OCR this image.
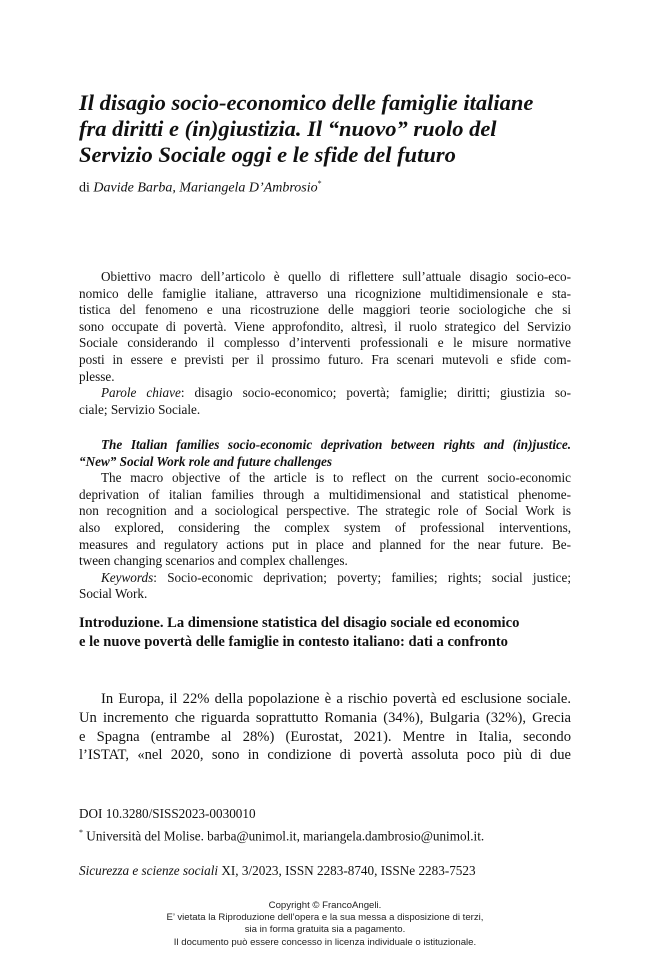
Il disagio socio-economico delle famiglie italiane
fra diritti e (in)giustizia. Il “nuovo” ruolo del
Servizio Sociale oggi e le sfide del futuro
di Davide Barba, Mariangela D’Ambrosio*
Obiettivo macro dell’articolo è quello di riflettere sull’attuale disagio socio-eco-
nomico delle famiglie italiane, attraverso una ricognizione multidimensionale e sta-
tistica del fenomeno e una ricostruzione delle maggiori teorie sociologiche che si
sono occupate di povertà. Viene approfondito, altresì, il ruolo strategico del Servizio
Sociale considerando il complesso d’interventi professionali e le misure normative
posti in essere e previsti per il prossimo futuro. Fra scenari mutevoli e sfide com-
plesse.
Parole chiave: disagio socio-economico; povertà; famiglie; diritti; giustizia so-
ciale; Servizio Sociale.
The Italian families socio-economic deprivation between rights and (in)justice.
“New” Social Work role and future challenges
The macro objective of the article is to reflect on the current socio-economic
deprivation of italian families through a multidimensional and statistical phenome-
non recognition and a sociological perspective. The strategic role of Social Work is
also explored, considering the complex system of professional interventions,
measures and regulatory actions put in place and planned for the near future. Be-
tween changing scenarios and complex challenges.
Keywords: Socio-economic deprivation; poverty; families; rights; social justice;
Social Work.
Introduzione. La dimensione statistica del disagio sociale ed economico
e le nuove povertà delle famiglie in contesto italiano: dati a confronto
In Europa, il 22% della popolazione è a rischio povertà ed esclusione sociale.
Un incremento che riguarda soprattutto Romania (34%), Bulgaria (32%), Grecia
e Spagna (entrambe al 28%) (Eurostat, 2021). Mentre in Italia, secondo
l’ISTAT, «nel 2020, sono in condizione di povertà assoluta poco più di due
DOI 10.3280/SISS2023-0030010
* Università del Molise. barba@unimol.it, mariangela.dambrosio@unimol.it.
Sicurezza e scienze sociali XI, 3/2023, ISSN 2283-8740, ISSNe 2283-7523
Copyright © FrancoAngeli.
E’ vietata la Riproduzione dell’opera e la sua messa a disposizione di terzi,
sia in forma gratuita sia a pagamento.
Il documento può essere concesso in licenza individuale o istituzionale.
